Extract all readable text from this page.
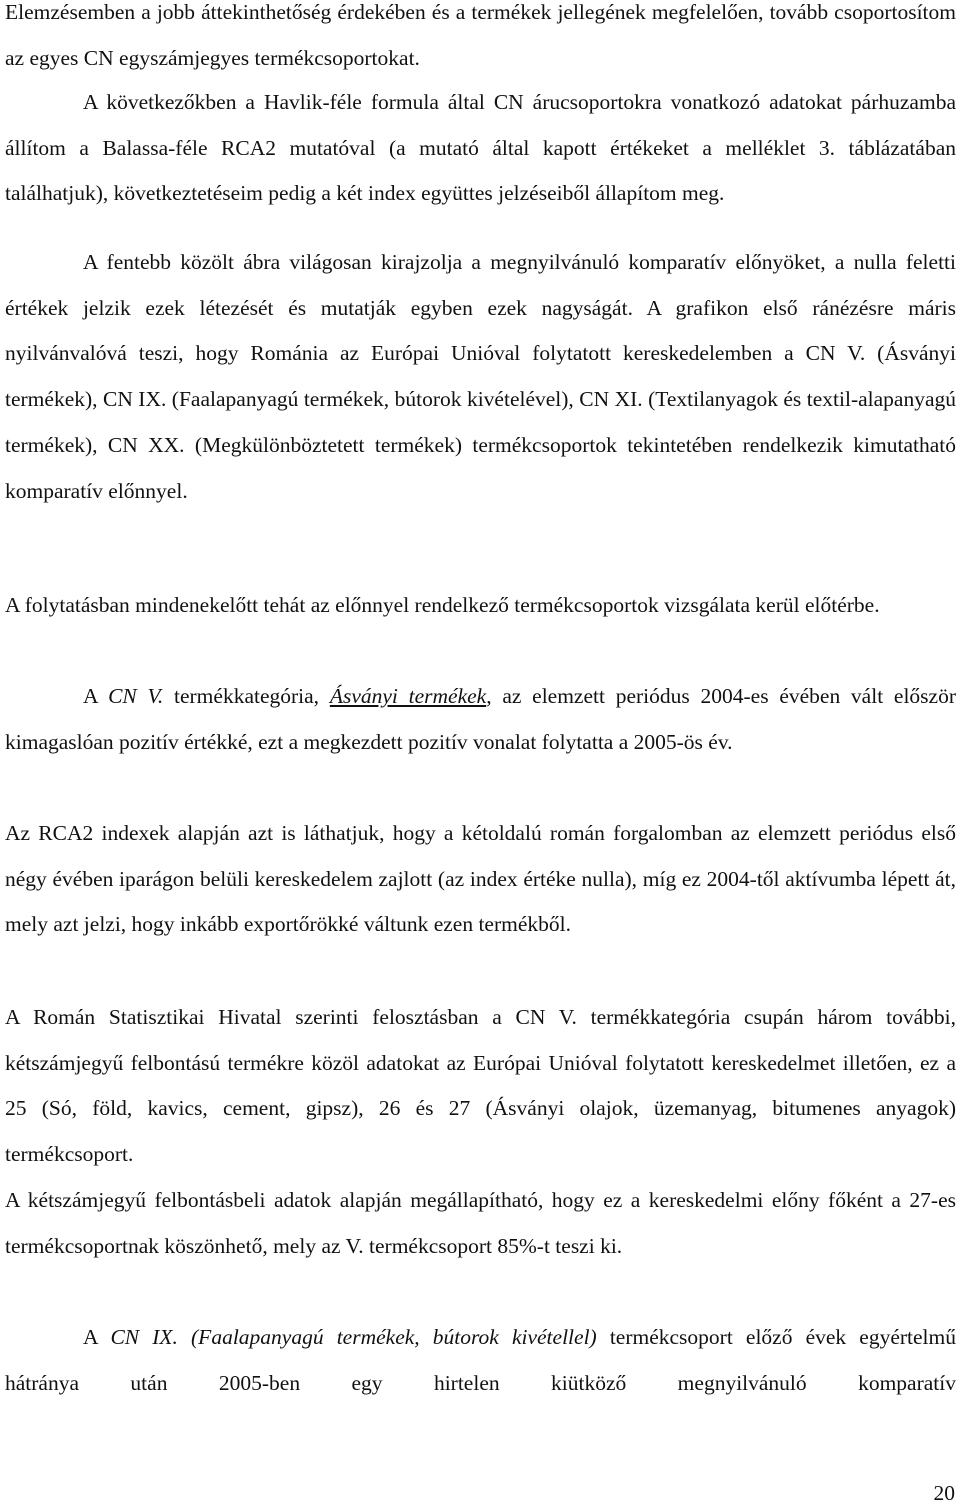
Elemzésemben a jobb áttekinthetőség érdekében és a termékek jellegének megfelelően, tovább csoportosítom az egyes CN egyszámjegyes termékcsoportokat.

A következőkben a Havlik-féle formula által CN árucsoportokra vonatkozó adatokat párhuzamba állítom a Balassa-féle RCA2 mutatóval (a mutató által kapott értékeket a melléklet 3. táblázatában találhatjuk), következtetéseim pedig a két index együttes jelzéseiből állapítom meg.

A fentebb közölt ábra világosan kirajzolja a megnyilvánuló komparatív előnyöket, a nulla feletti értékek jelzik ezek létezését és mutatják egyben ezek nagyságát. A grafikon első ránézésre máris nyilvánvalóvá teszi, hogy Románia az Európai Unióval folytatott kereskedelemben a CN V. (Ásványi termékek), CN IX. (Faalapanyagú termékek, bútorok kivételével), CN XI. (Textilanyagok és textil-alapanyagú termékek), CN XX. (Megkülönböztetett termékek) termékcsoportok tekintetében rendelkezik kimutatható komparatív előnnyel.

A folytatásban mindenekelőtt tehát az előnnyel rendelkező termékcsoportok vizsgálata kerül előtérbe.

A CN V. termékkategória, Ásványi termékek, az elemzett periódus 2004-es évében vált először kimagaslóan pozitív értékké, ezt a megkezdett pozitív vonalat folytatta a 2005-ös év.

Az RCA2 indexek alapján azt is láthatjuk, hogy a kétoldalú román forgalomban az elemzett periódus első négy évében iparágon belüli kereskedelem zajlott (az index értéke nulla), míg ez 2004-től aktívumba lépett át, mely azt jelzi, hogy inkább exportőrökké váltunk ezen termékből.

A Román Statisztikai Hivatal szerinti felosztásban a CN V. termékkategória csupán három további, kétszámjegyű felbontású termékre közöl adatokat az Európai Unióval folytatott kereskedelmet illetően, ez a 25 (Só, föld, kavics, cement, gipsz), 26 és 27 (Ásványi olajok, üzemanyag, bitumenes anyagok) termékcsoport.

A kétszámjegyű felbontásbeli adatok alapján megállapítható, hogy ez a kereskedelmi előny főként a 27-es termékcsoportnak köszönhető, mely az V. termékcsoport 85%-t teszi ki.

A CN IX. (Faalapanyagú termékek, bútorok kivétellel) termékcsoport előző évek egyértelmű hátránya után 2005-ben egy hirtelen kiütköző megnyilvánuló komparatív

20
